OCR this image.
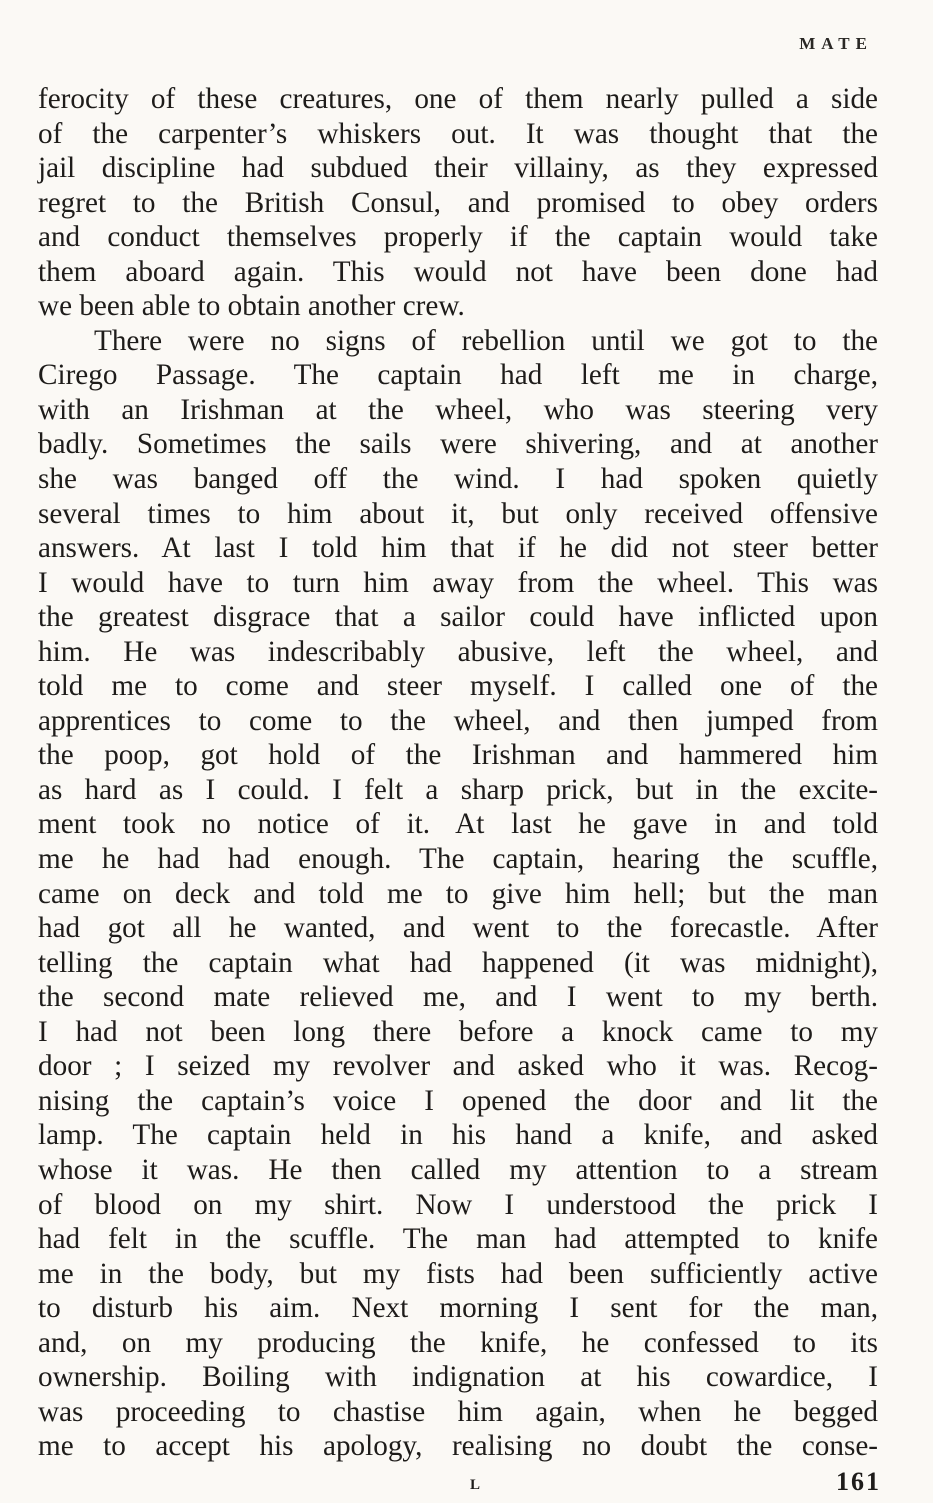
MATE
ferocity of these creatures, one of them nearly pulled a side
of the carpenter’s whiskers out. It was thought that the
jail discipline had subdued their villainy, as they expressed
regret to the British Consul, and promised to obey orders
and conduct themselves properly if the captain would take
them aboard again. This would not have been done had
we been able to obtain another crew.
There were no signs of rebellion until we got to the
Cirego Passage. The captain had left me in charge,
with an Irishman at the wheel, who was steering very
badly. Sometimes the sails were shivering, and at another
she was banged off the wind. I had spoken quietly
several times to him about it, but only received offensive
answers. At last I told him that if he did not steer better
I would have to turn him away from the wheel. This was
the greatest disgrace that a sailor could have inflicted upon
him. He was indescribably abusive, left the wheel, and
told me to come and steer myself. I called one of the
apprentices to come to the wheel, and then jumped from
the poop, got hold of the Irishman and hammered him
as hard as I could. I felt a sharp prick, but in the excite-
ment took no notice of it. At last he gave in and told
me he had had enough. The captain, hearing the scuffle,
came on deck and told me to give him hell; but the man
had got all he wanted, and went to the forecastle. After
telling the captain what had happened (it was midnight),
the second mate relieved me, and I went to my berth.
I had not been long there before a knock came to my
door ; I seized my revolver and asked who it was. Recog-
nising the captain’s voice I opened the door and lit the
lamp. The captain held in his hand a knife, and asked
whose it was. He then called my attention to a stream
of blood on my shirt. Now I understood the prick I
had felt in the scuffle. The man had attempted to knife
me in the body, but my fists had been sufficiently active
to disturb his aim. Next morning I sent for the man,
and, on my producing the knife, he confessed to its
ownership. Boiling with indignation at his cowardice, I
was proceeding to chastise him again, when he begged
me to accept his apology, realising no doubt the conse-
L	161
